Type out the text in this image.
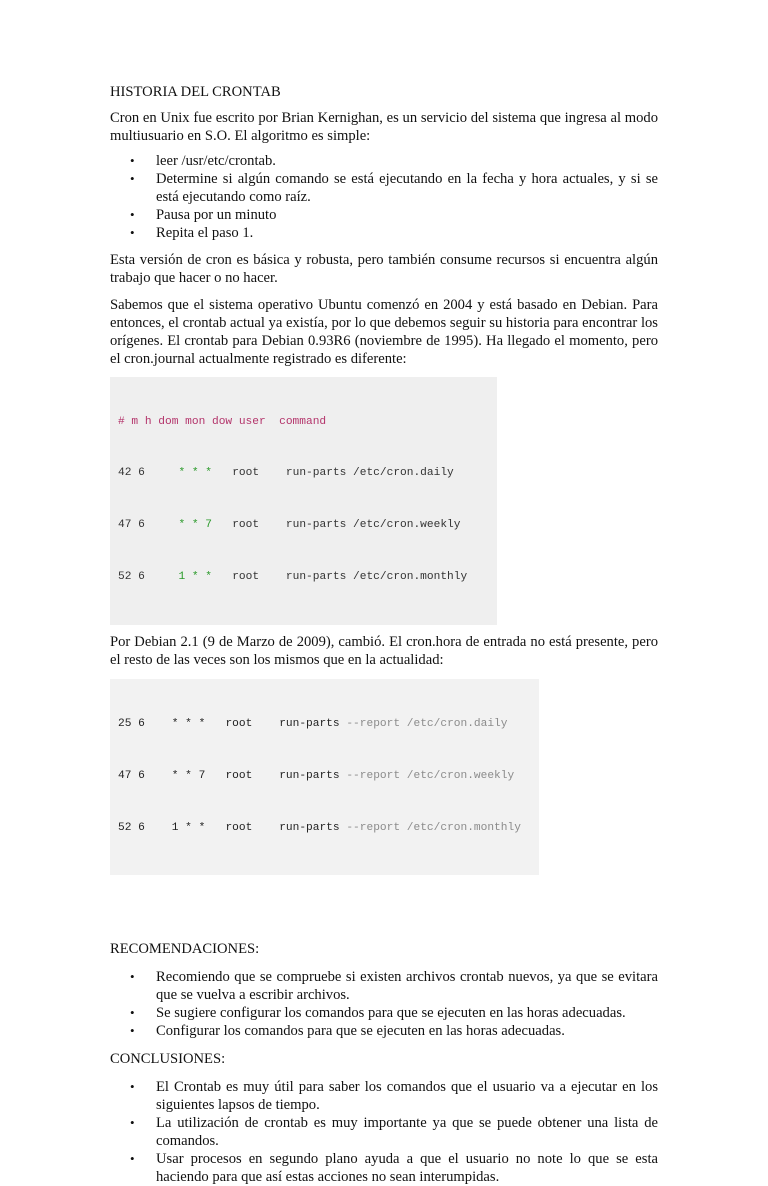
HISTORIA DEL CRONTAB

Cron en Unix fue escrito por Brian Kernighan, es un servicio del sistema que ingresa al modo multiusuario en S.O. El algoritmo es simple:

• leer /usr/etc/crontab.
• Determine si algún comando se está ejecutando en la fecha y hora actuales, y si se está ejecutando como raíz.
• Pausa por un minuto
• Repita el paso 1.

Esta versión de cron es básica y robusta, pero también consume recursos si encuentra algún trabajo que hacer o no hacer.

Sabemos que el sistema operativo Ubuntu comenzó en 2004 y está basado en Debian. Para entonces, el crontab actual ya existía, por lo que debemos seguir su historia para encontrar los orígenes. El crontab para Debian 0.93R6 (noviembre de 1995). Ha llegado el momento, pero el cron.journal actualmente registrado es diferente:

# m h dom mon dow user  command

42 6	* * * root run-parts /etc/cron.daily

47 6	* * 7 root run-parts /etc/cron.weekly

52 6	1 * * root run-parts /etc/cron.monthly

Por Debian 2.1 (9 de Marzo de 2009), cambió. El cron.hora de entrada no está presente, pero el resto de las veces son los mismos que en la actualidad:

25 6 * * * root run-parts --report /etc/cron.daily

47 6 * * 7 root run-parts --report /etc/cron.weekly

52 6 1 * * root run-parts --report /etc/cron.monthly

RECOMENDACIONES:

• Recomiendo que se compruebe si existen archivos crontab nuevos, ya que se evitara que se vuelva a escribir archivos.
• Se sugiere configurar los comandos para que se ejecuten en las horas adecuadas.
• Configurar los comandos para que se ejecuten en las horas adecuadas.

CONCLUSIONES:

• El Crontab es muy útil para saber los comandos que el usuario va a ejecutar en los siguientes lapsos de tiempo.
• La utilización de crontab es muy importante ya que se puede obtener una lista de comandos.
• Usar procesos en segundo plano ayuda a que el usuario no note lo que se esta haciendo para que así estas acciones no sean interumpidas.
